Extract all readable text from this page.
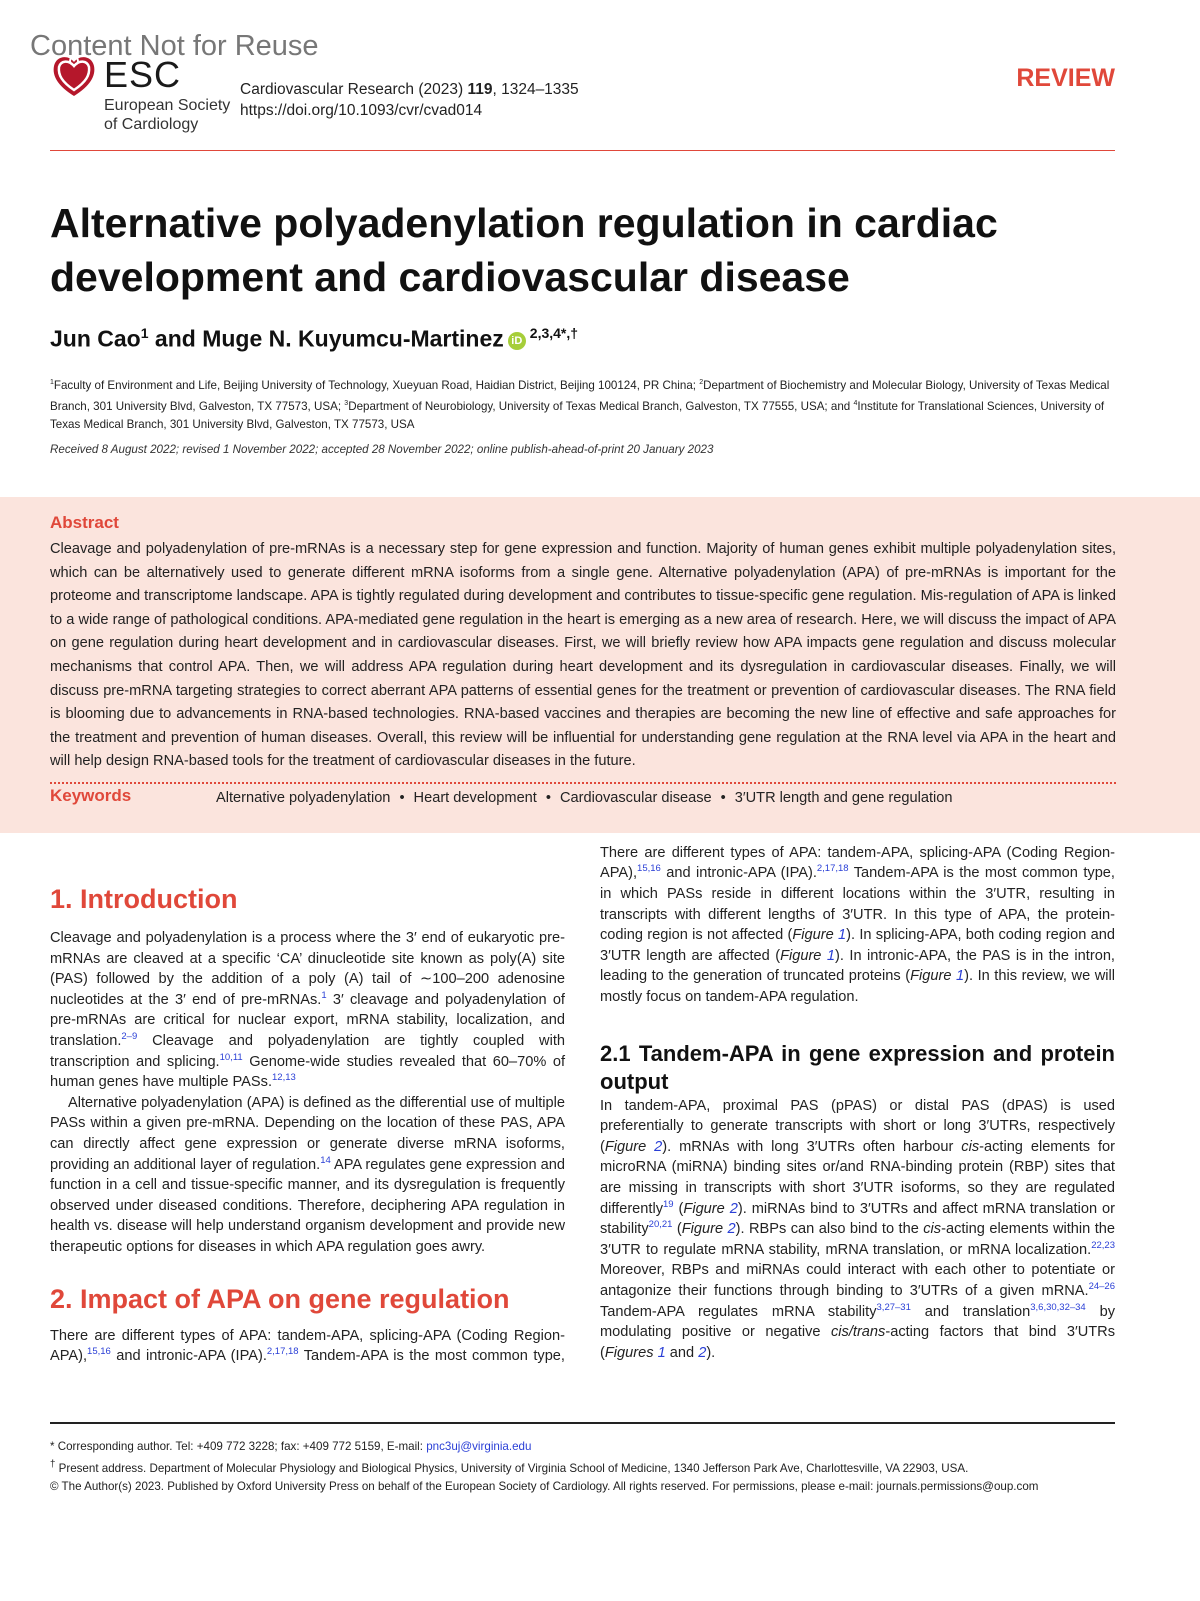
Content Not for Reuse
ESC
European Society
of Cardiology
Cardiovascular Research (2023) 119, 1324–1335
https://doi.org/10.1093/cvr/cvad014
REVIEW
Alternative polyadenylation regulation in cardiac development and cardiovascular disease
Jun Cao$^1$ and Muge N. Kuyumcu-Martinez iD $^{2,3,4*,\dagger}$
$^1$Faculty of Environment and Life, Beijing University of Technology, Xueyuan Road, Haidian District, Beijing 100124, PR China; $^2$Department of Biochemistry and Molecular Biology, University of Texas Medical Branch, 301 University Blvd, Galveston, TX 77573, USA; $^3$Department of Neurobiology, University of Texas Medical Branch, Galveston, TX 77555, USA; and $^4$Institute for Translational Sciences, University of Texas Medical Branch, 301 University Blvd, Galveston, TX 77573, USA
Received 8 August 2022; revised 1 November 2022; accepted 28 November 2022; online publish-ahead-of-print 20 January 2023
Abstract
Cleavage and polyadenylation of pre-mRNAs is a necessary step for gene expression and function. Majority of human genes exhibit multiple polyadenylation sites, which can be alternatively used to generate different mRNA isoforms from a single gene. Alternative polyadenylation (APA) of pre-mRNAs is important for the proteome and transcriptome landscape. APA is tightly regulated during development and contributes to tissue-specific gene regulation. Mis-regulation of APA is linked to a wide range of pathological conditions. APA-mediated gene regulation in the heart is emerging as a new area of research. Here, we will discuss the impact of APA on gene regulation during heart development and in cardiovascular diseases. First, we will briefly review how APA impacts gene regulation and discuss molecular mechanisms that control APA. Then, we will address APA regulation during heart development and its dysregulation in cardiovascular diseases. Finally, we will discuss pre-mRNA targeting strategies to correct aberrant APA patterns of essential genes for the treatment or prevention of cardiovascular diseases. The RNA field is blooming due to advancements in RNA-based technologies. RNA-based vaccines and therapies are becoming the new line of effective and safe approaches for the treatment and prevention of human diseases. Overall, this review will be influential for understanding gene regulation at the RNA level via APA in the heart and will help design RNA-based tools for the treatment of cardiovascular diseases in the future.
Keywords	Alternative polyadenylation • Heart development • Cardiovascular disease • 3′UTR length and gene regulation
1. Introduction

Cleavage and polyadenylation is a process where the 3′ end of eukaryotic pre-mRNAs are cleaved at a specific ‘CA’ dinucleotide site known as poly(A) site (PAS) followed by the addition of a poly (A) tail of ∼100–200 adenosine nucleotides at the 3′ end of pre-mRNAs.$^1$ 3′ cleavage and polyadenylation of pre-mRNAs are critical for nuclear export, mRNA stability, localization, and translation.$^{2-9}$ Cleavage and polyadenylation are tightly coupled with transcription and splicing.$^{10,11}$ Genome-wide studies revealed that 60–70% of human genes have multiple PASs.$^{12,13}$

Alternative polyadenylation (APA) is defined as the differential use of multiple PASs within a given pre-mRNA. Depending on the location of these PAS, APA can directly affect gene expression or generate diverse mRNA isoforms, providing an additional layer of regulation.$^{14}$ APA regulates gene expression and function in a cell and tissue-specific manner, and its dysregulation is frequently observed under diseased conditions. Therefore, deciphering APA regulation in health vs. disease will help understand organism development and provide new therapeutic options for diseases in which APA regulation goes awry.

2. Impact of APA on gene regulation

There are different types of APA: tandem-APA, splicing-APA (Coding Region-APA),$^{15,16}$ and intronic-APA (IPA).$^{2,17,18}$ Tandem-APA is the most common type,

There are different types of APA: tandem-APA, splicing-APA (Coding Region-APA),$^{15,16}$ and intronic-APA (IPA).$^{2,17,18}$ Tandem-APA is the most common type, in which PASs reside in different locations within the 3′UTR, resulting in transcripts with different lengths of 3′UTR. In this type of APA, the protein-coding region is not affected (Figure 1). In splicing-APA, both coding region and 3′UTR length are affected (Figure 1). In intronic-APA, the PAS is in the intron, leading to the generation of truncated proteins (Figure 1). In this review, we will mostly focus on tandem-APA regulation.

2.1 Tandem-APA in gene expression and protein output

In tandem-APA, proximal PAS (pPAS) or distal PAS (dPAS) is used preferentially to generate transcripts with short or long 3′UTRs, respectively (Figure 2). mRNAs with long 3′UTRs often harbour cis-acting elements for microRNA (miRNA) binding sites or/and RNA-binding protein (RBP) sites that are missing in transcripts with short 3′UTR isoforms, so they are regulated differently$^{19}$ (Figure 2). miRNAs bind to 3′UTRs and affect mRNA translation or stability$^{20,21}$ (Figure 2). RBPs can also bind to the cis-acting elements within the 3′UTR to regulate mRNA stability, mRNA translation, or mRNA localization.$^{22,23}$ Moreover, RBPs and miRNAs could interact with each other to potentiate or antagonize their functions through binding to 3′UTRs of a given mRNA.$^{24-26}$ Tandem-APA regulates mRNA stability$^{3,27-31}$ and translation$^{3,6,30,32-34}$ by modulating positive or negative cis/trans-acting factors that bind 3′UTRs (Figures 1 and 2).

* Corresponding author. Tel: +409 772 3228; fax: +409 772 5159, E-mail: pnc3uj@virginia.edu
† Present address. Department of Molecular Physiology and Biological Physics, University of Virginia School of Medicine, 1340 Jefferson Park Ave, Charlottesville, VA 22903, USA.
© The Author(s) 2023. Published by Oxford University Press on behalf of the European Society of Cardiology. All rights reserved. For permissions, please e-mail: journals.permissions@oup.com
